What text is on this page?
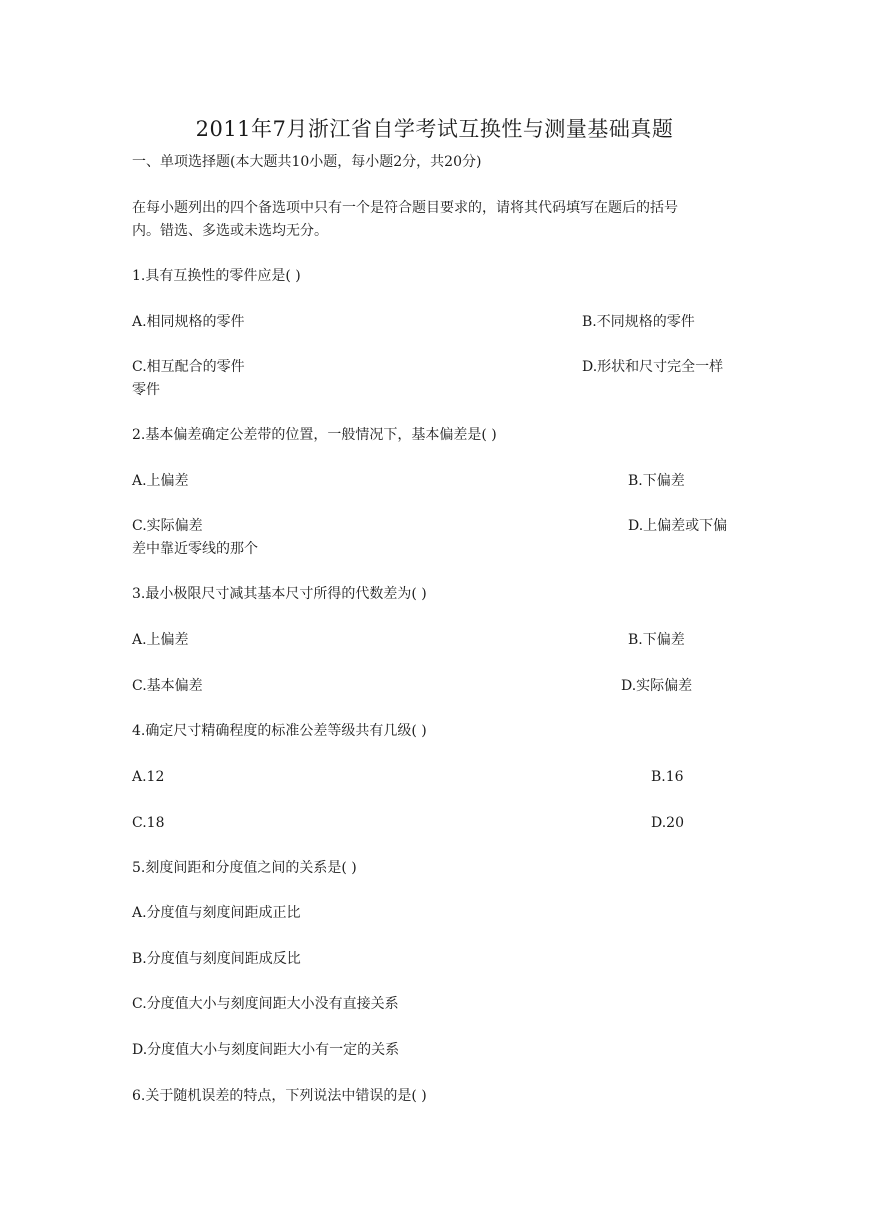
2011年7月浙江省自学考试互换性与测量基础真题
一、单项选择题(本大题共10小题，每小题2分，共20分)
在每小题列出的四个备选项中只有一个是符合题目要求的，请将其代码填写在题后的括号
内。错选、多选或未选均无分。
1.具有互换性的零件应是( )
A.相同规格的零件	B.不同规格的零件
C.相互配合的零件	D.形状和尺寸完全一样
零件
2.基本偏差确定公差带的位置，一般情况下，基本偏差是( )
A.上偏差	B.下偏差
C.实际偏差	D.上偏差或下偏
差中靠近零线的那个
3.最小极限尺寸减其基本尺寸所得的代数差为( )
A.上偏差	B.下偏差
C.基本偏差	D.实际偏差
4.确定尺寸精确程度的标准公差等级共有几级( )
A.12	B.16
C.18	D.20
5.刻度间距和分度值之间的关系是( )
A.分度值与刻度间距成正比
B.分度值与刻度间距成反比
C.分度值大小与刻度间距大小没有直接关系
D.分度值大小与刻度间距大小有一定的关系
6.关于随机误差的特点，下列说法中错误的是( )
